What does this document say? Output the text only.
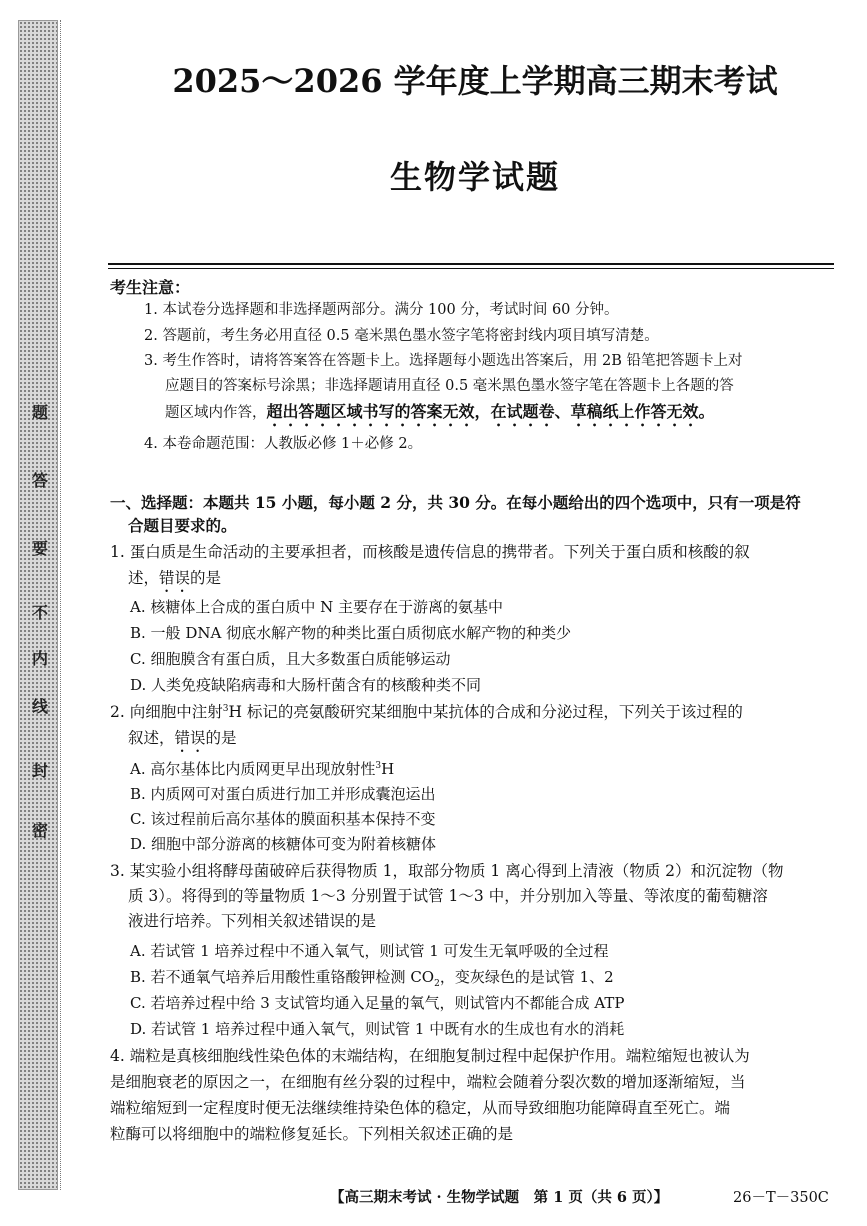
题
答
要
不
内
线
封
密
2025～2026 学年度上学期高三期末考试
生物学试题
考生注意：
1. 本试卷分选择题和非选择题两部分。满分 100 分，考试时间 60 分钟。
2. 答题前，考生务必用直径 0.5 毫米黑色墨水签字笔将密封线内项目填写清楚。
3. 考生作答时，请将答案答在答题卡上。选择题每小题选出答案后，用 2B 铅笔把答题卡上对
应题目的答案标号涂黑；非选择题请用直径 0.5 毫米黑色墨水签字笔在答题卡上各题的答
题区域内作答，超出答题区域书写的答案无效，在试题卷、草稿纸上作答无效。
4. 本卷命题范围：人教版必修 1＋必修 2。
一、选择题：本题共 15 小题，每小题 2 分，共 30 分。在每小题给出的四个选项中，只有一项是符
合题目要求的。
1. 蛋白质是生命活动的主要承担者，而核酸是遗传信息的携带者。下列关于蛋白质和核酸的叙
述，错误的是
A. 核糖体上合成的蛋白质中 N 主要存在于游离的氨基中
B. 一般 DNA 彻底水解产物的种类比蛋白质彻底水解产物的种类少
C. 细胞膜含有蛋白质，且大多数蛋白质能够运动
D. 人类免疫缺陷病毒和大肠杆菌含有的核酸种类不同
2. 向细胞中注射$^3$H 标记的亮氨酸研究某细胞中某抗体的合成和分泌过程，下列关于该过程的
叙述，错误的是
A. 高尔基体比内质网更早出现放射性$^3$H
B. 内质网可对蛋白质进行加工并形成囊泡运出
C. 该过程前后高尔基体的膜面积基本保持不变
D. 细胞中部分游离的核糖体可变为附着核糖体
3. 某实验小组将酵母菌破碎后获得物质 1，取部分物质 1 离心得到上清液（物质 2）和沉淀物（物
质 3）。将得到的等量物质 1～3 分别置于试管 1～3 中，并分别加入等量、等浓度的葡萄糖溶
液进行培养。下列相关叙述错误的是
A. 若试管 1 培养过程中不通入氧气，则试管 1 可发生无氧呼吸的全过程
B. 若不通氧气培养后用酸性重铬酸钾检测 $CO_2$，变灰绿色的是试管 1、2
C. 若培养过程中给 3 支试管均通入足量的氧气，则试管内不都能合成 ATP
D. 若试管 1 培养过程中通入氧气，则试管 1 中既有水的生成也有水的消耗
4. 端粒是真核细胞线性染色体的末端结构，在细胞复制过程中起保护作用。端粒缩短也被认为
是细胞衰老的原因之一，在细胞有丝分裂的过程中，端粒会随着分裂次数的增加逐渐缩短，当
端粒缩短到一定程度时便无法继续维持染色体的稳定，从而导致细胞功能障碍直至死亡。端
粒酶可以将细胞中的端粒修复延长。下列相关叙述正确的是
【高三期末考试 · 生物学试题　第 1 页（共 6 页）】	26－T－350C
